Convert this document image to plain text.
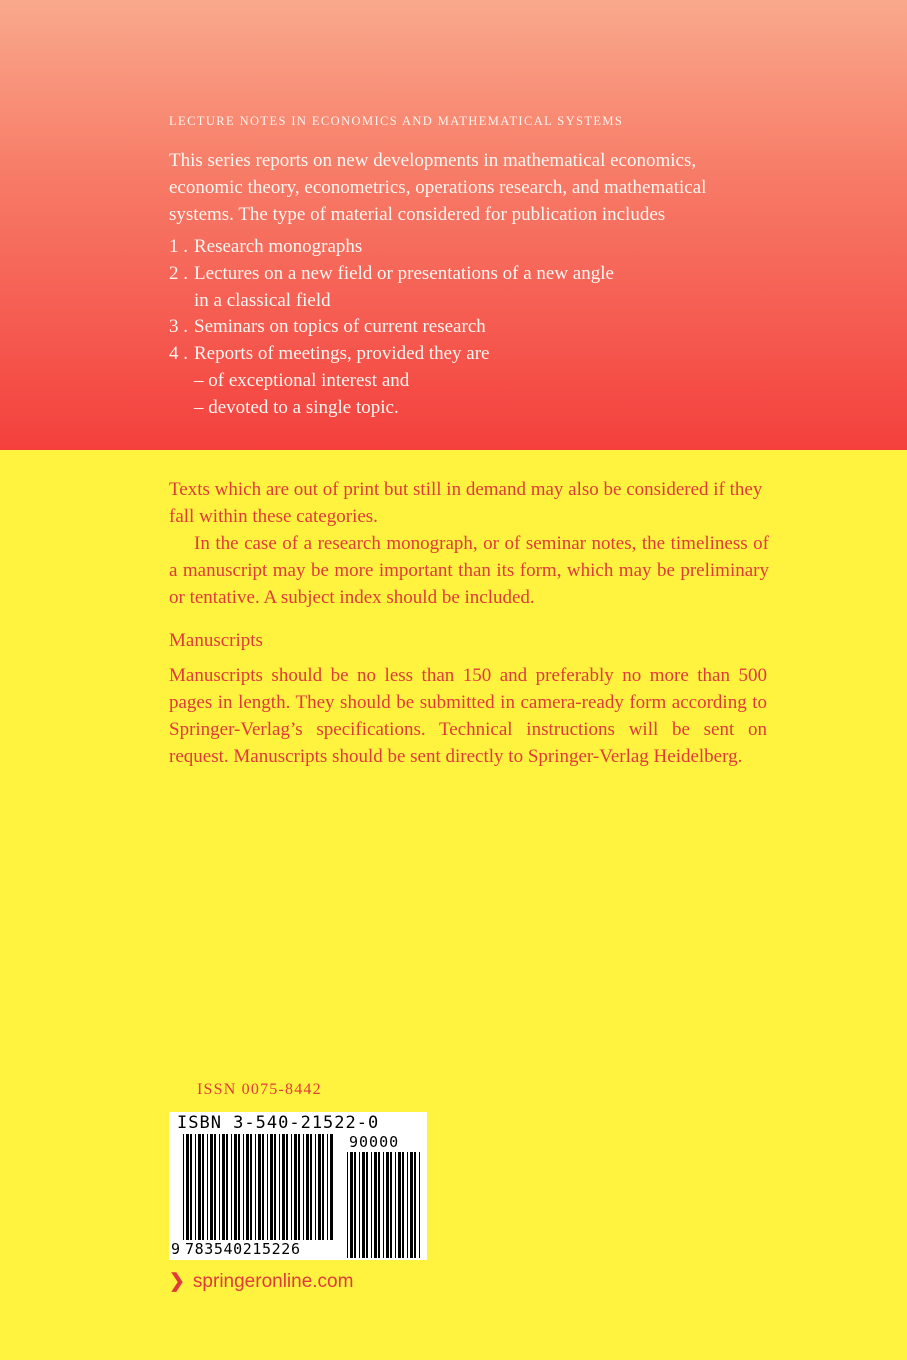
LECTURE NOTES IN ECONOMICS AND MATHEMATICAL SYSTEMS
This series reports on new developments in mathematical economics,
economic theory, econometrics, operations research, and mathematical
systems. The type of material considered for publication includes
1 . Research monographs
2 . Lectures on a new field or presentations of a new angle
in a classical field
3 . Seminars on topics of current research
4 . Reports of meetings, provided they are
– of exceptional interest and
– devoted to a single topic.

Texts which are out of print but still in demand may also be considered if they fall within these categories.

In the case of a research monograph, or of seminar notes, the timeliness of a manuscript may be more important than its form, which may be preliminary or tentative. A subject index should be included.

Manuscripts

Manuscripts should be no less than 150 and preferably no more than 500 pages in length. They should be submitted in camera-ready form according to Springer-Verlag’s specifications. Technical instructions will be sent on request. Manuscripts should be sent directly to Springer-Verlag Heidelberg.

ISSN 0075-8442
ISBN 3-540-21522-0
90000
9 783540215226
❯ springeronline.com
